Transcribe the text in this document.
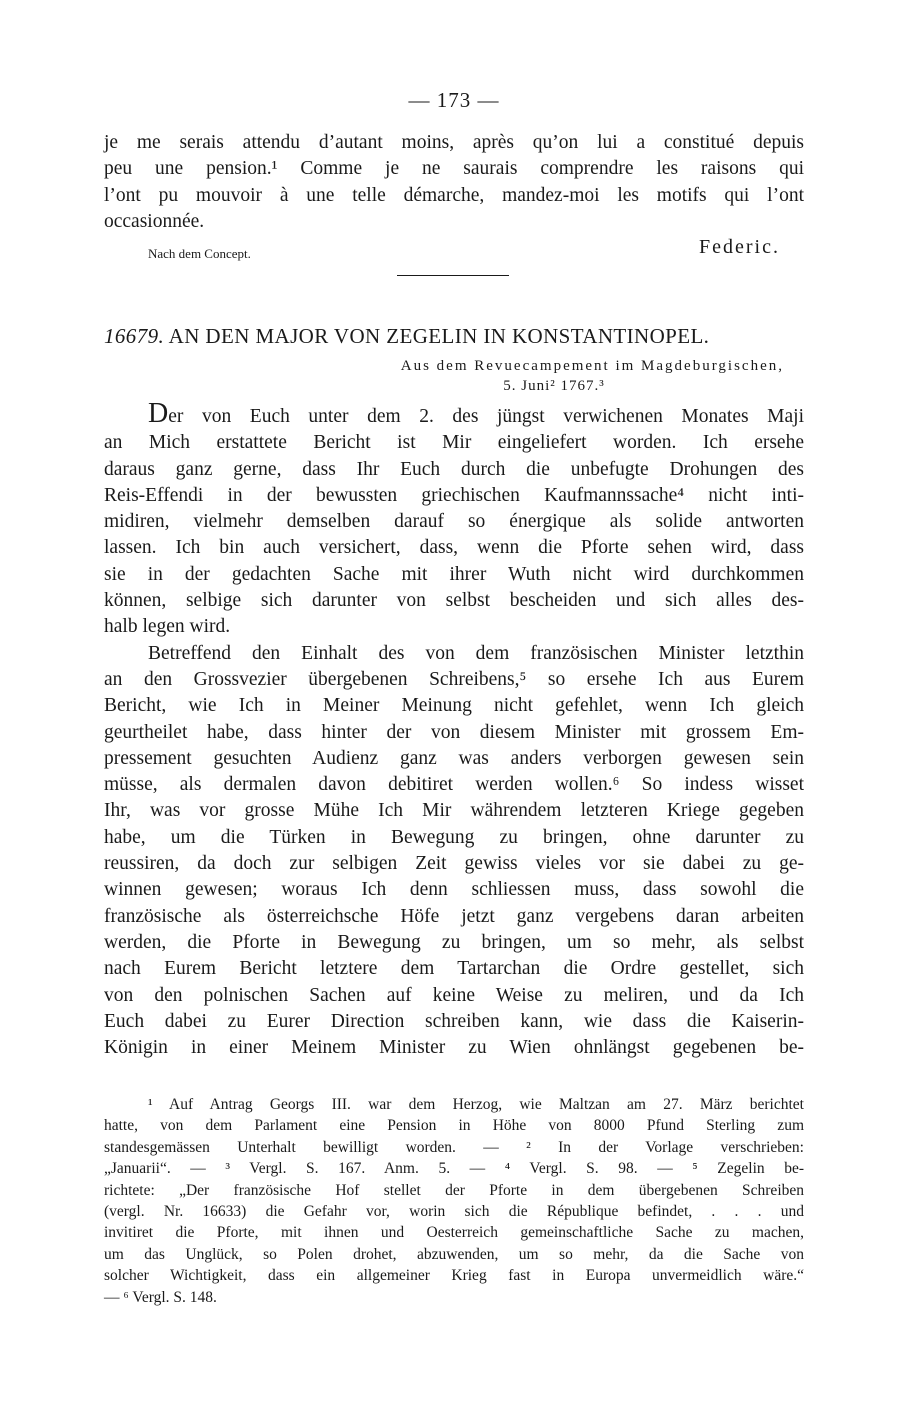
— 173 —
je me serais attendu d’autant moins, après qu’on lui a constitué depuis
peu une pension.¹ Comme je ne saurais comprendre les raisons qui
l’ont pu mouvoir à une telle démarche, mandez-moi les motifs qui l’ont
occasionnée.
Nach dem Concept.	Federic.
16679. AN DEN MAJOR VON ZEGELIN IN KONSTANTINOPEL.
Aus dem Revuecampement im Magdeburgischen,
5. Juni² 1767.³
Der von Euch unter dem 2. des jüngst verwichenen Monates Maji
an Mich erstattete Bericht ist Mir eingeliefert worden. Ich ersehe
daraus ganz gerne, dass Ihr Euch durch die unbefugte Drohungen des
Reis-Effendi in der bewussten griechischen Kaufmannssache⁴ nicht inti-
midiren, vielmehr demselben darauf so énergique als solide antworten
lassen. Ich bin auch versichert, dass, wenn die Pforte sehen wird, dass
sie in der gedachten Sache mit ihrer Wuth nicht wird durchkommen
können, selbige sich darunter von selbst bescheiden und sich alles des-
halb legen wird.
Betreffend den Einhalt des von dem französischen Minister letzthin
an den Grossvezier übergebenen Schreibens,⁵ so ersehe Ich aus Eurem
Bericht, wie Ich in Meiner Meinung nicht gefehlet, wenn Ich gleich
geurtheilet habe, dass hinter der von diesem Minister mit grossem Em-
pressement gesuchten Audienz ganz was anders verborgen gewesen sein
müsse, als dermalen davon debitiret werden wollen.⁶ So indess wisset
Ihr, was vor grosse Mühe Ich Mir währendem letzteren Kriege gegeben
habe, um die Türken in Bewegung zu bringen, ohne darunter zu
reussiren, da doch zur selbigen Zeit gewiss vieles vor sie dabei zu ge-
winnen gewesen; woraus Ich denn schliessen muss, dass sowohl die
französische als österreichsche Höfe jetzt ganz vergebens daran arbeiten
werden, die Pforte in Bewegung zu bringen, um so mehr, als selbst
nach Eurem Bericht letztere dem Tartarchan die Ordre gestellet, sich
von den polnischen Sachen auf keine Weise zu meliren, und da Ich
Euch dabei zu Eurer Direction schreiben kann, wie dass die Kaiserin-
Königin in einer Meinem Minister zu Wien ohnlängst gegebenen be-
¹ Auf Antrag Georgs III. war dem Herzog, wie Maltzan am 27. März berichtet
hatte, von dem Parlament eine Pension in Höhe von 8000 Pfund Sterling zum
standesgemässen Unterhalt bewilligt worden. — ² In der Vorlage verschrieben:
„Januarii“. — ³ Vergl. S. 167. Anm. 5. — ⁴ Vergl. S. 98. — ⁵ Zegelin be-
richtete: „Der französische Hof stellet der Pforte in dem übergebenen Schreiben
(vergl. Nr. 16633) die Gefahr vor, worin sich die République befindet, . . . und
invitiret die Pforte, mit ihnen und Oesterreich gemeinschaftliche Sache zu machen,
um das Unglück, so Polen drohet, abzuwenden, um so mehr, da die Sache von
solcher Wichtigkeit, dass ein allgemeiner Krieg fast in Europa unvermeidlich wäre.“
— ⁶ Vergl. S. 148.
